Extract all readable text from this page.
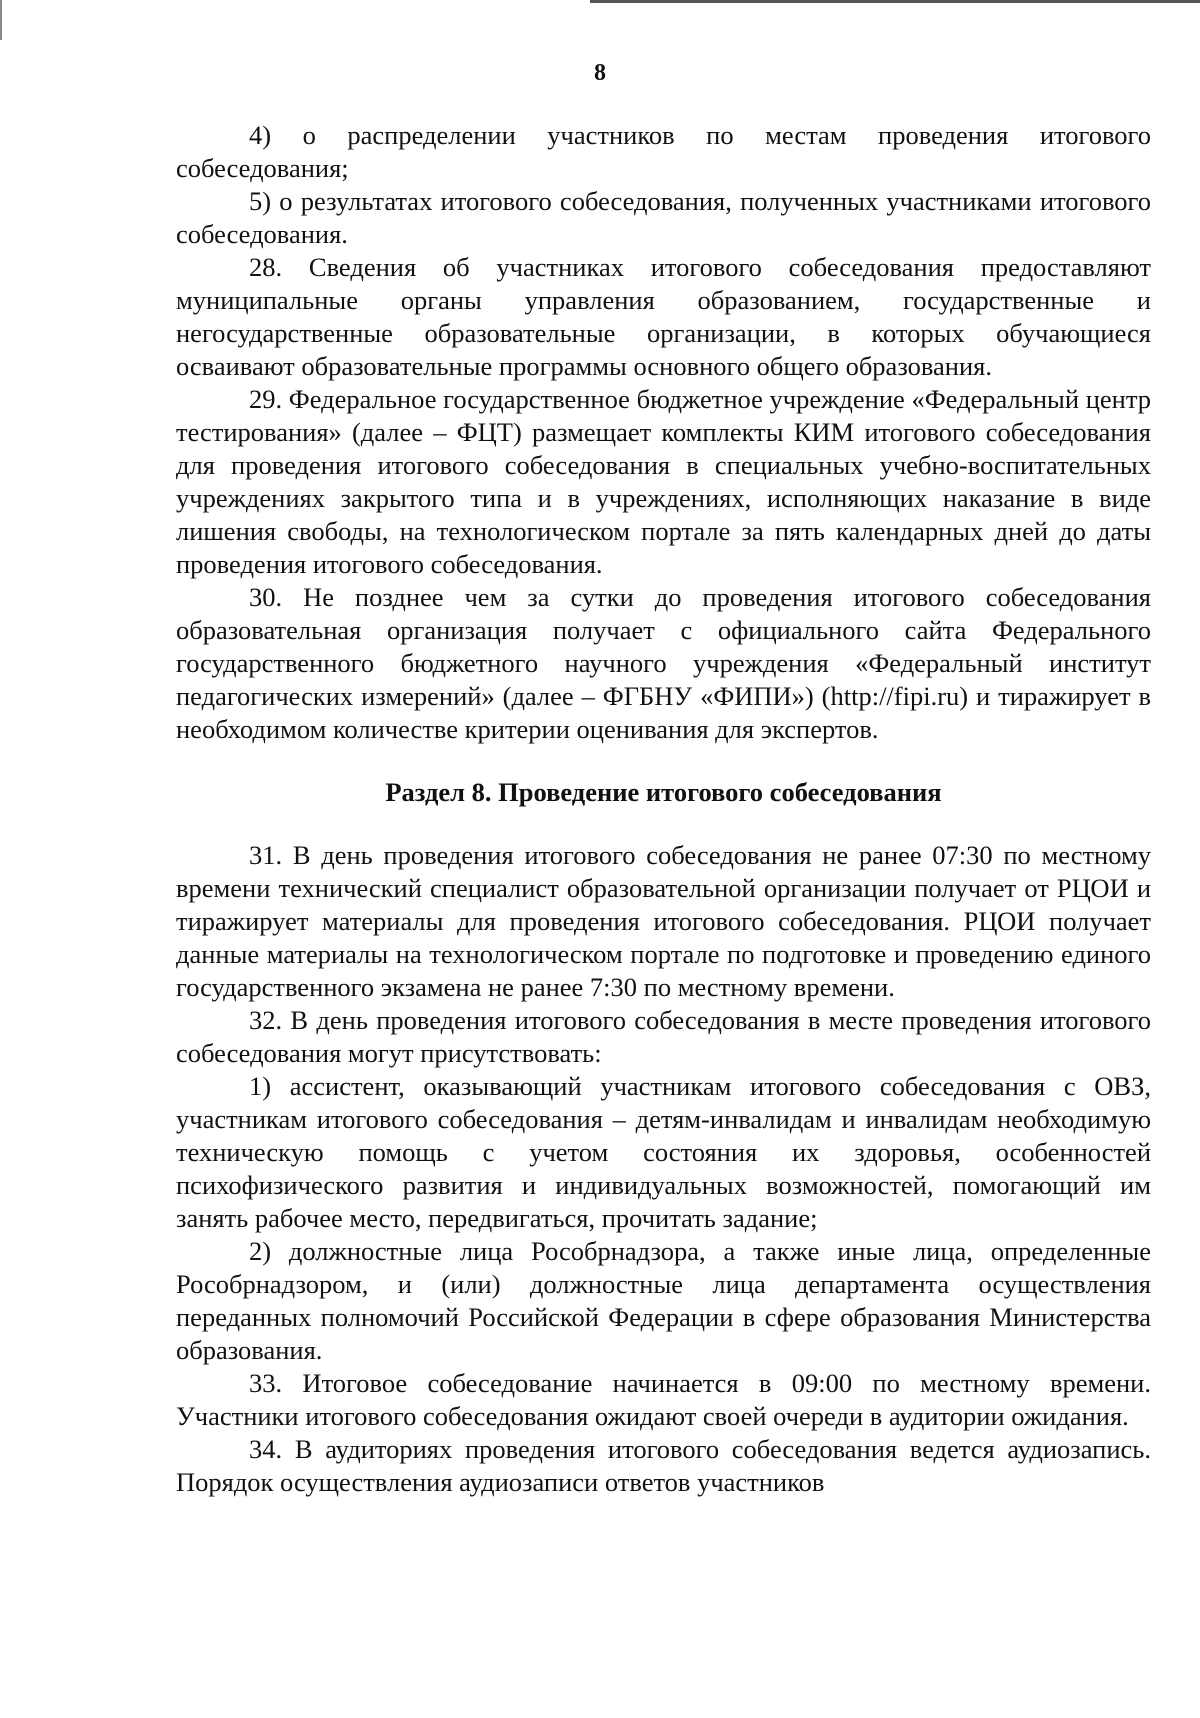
8

4) о распределении участников по местам проведения итогового собеседования;

5) о результатах итогового собеседования, полученных участниками итогового собеседования.

28. Сведения об участниках итогового собеседования предоставляют муниципальные органы управления образованием, государственные и негосударственные образовательные организации, в которых обучающиеся осваивают образовательные программы основного общего образования.

29. Федеральное государственное бюджетное учреждение «Федеральный центр тестирования» (далее – ФЦТ) размещает комплекты КИМ итогового собеседования для проведения итогового собеседования в специальных учебно-воспитательных учреждениях закрытого типа и в учреждениях, исполняющих наказание в виде лишения свободы, на технологическом портале за пять календарных дней до даты проведения итогового собеседования.

30. Не позднее чем за сутки до проведения итогового собеседования образовательная организация получает с официального сайта Федерального государственного бюджетного научного учреждения «Федеральный институт педагогических измерений» (далее – ФГБНУ «ФИПИ») (http://fipi.ru) и тиражирует в необходимом количестве критерии оценивания для экспертов.

Раздел 8. Проведение итогового собеседования

31. В день проведения итогового собеседования не ранее 07:30 по местному времени технический специалист образовательной организации получает от РЦОИ и тиражирует материалы для проведения итогового собеседования. РЦОИ получает данные материалы на технологическом портале по подготовке и проведению единого государственного экзамена не ранее 7:30 по местному времени.

32. В день проведения итогового собеседования в месте проведения итогового собеседования могут присутствовать:

1) ассистент, оказывающий участникам итогового собеседования с ОВЗ, участникам итогового собеседования – детям-инвалидам и инвалидам необходимую техническую помощь с учетом состояния их здоровья, особенностей психофизического развития и индивидуальных возможностей, помогающий им занять рабочее место, передвигаться, прочитать задание;

2) должностные лица Рособрнадзора, а также иные лица, определенные Рособрнадзором, и (или) должностные лица департамента осуществления переданных полномочий Российской Федерации в сфере образования Министерства образования.

33. Итоговое собеседование начинается в 09:00 по местному времени. Участники итогового собеседования ожидают своей очереди в аудитории ожидания.

34. В аудиториях проведения итогового собеседования ведется аудиозапись. Порядок осуществления аудиозаписи ответов участников
